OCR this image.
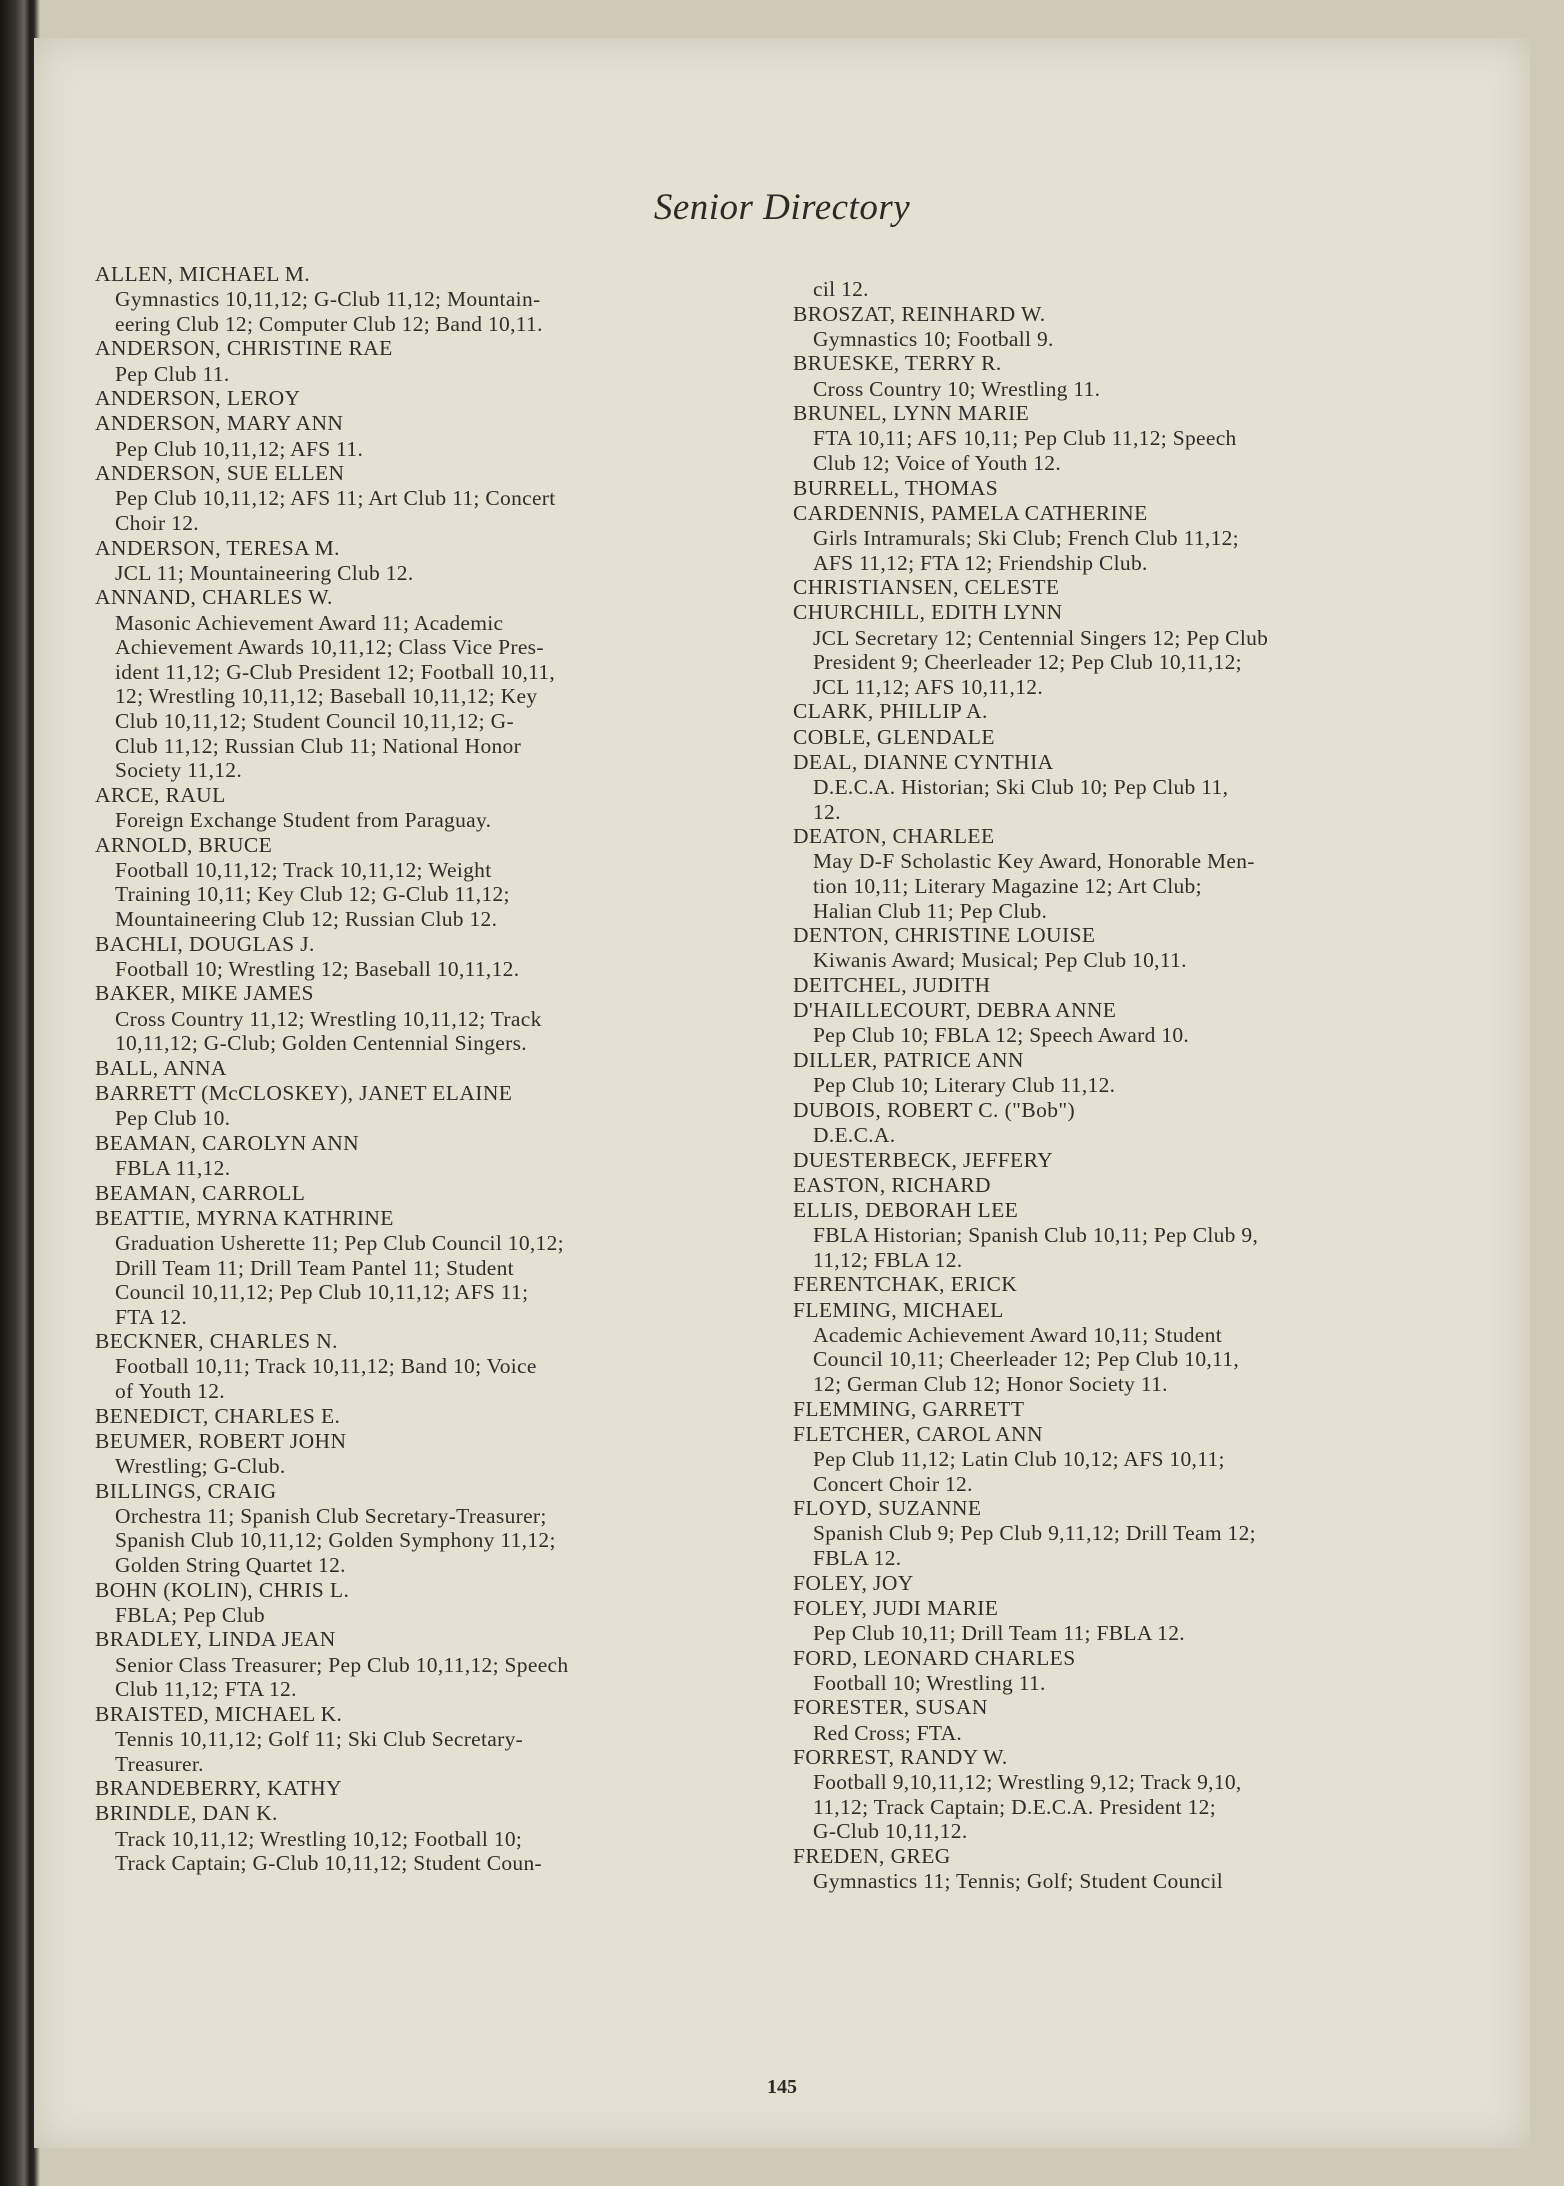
Senior Directory
ALLEN, MICHAEL M.
Gymnastics 10,11,12; G-Club 11,12; Mountain-
eering Club 12; Computer Club 12; Band 10,11.
ANDERSON, CHRISTINE RAE
Pep Club 11.
ANDERSON, LEROY
ANDERSON, MARY ANN
Pep Club 10,11,12; AFS 11.
ANDERSON, SUE ELLEN
Pep Club 10,11,12; AFS 11; Art Club 11; Concert
Choir 12.
ANDERSON, TERESA M.
JCL 11; Mountaineering Club 12.
ANNAND, CHARLES W.
Masonic Achievement Award 11; Academic
Achievement Awards 10,11,12; Class Vice Pres-
ident 11,12; G-Club President 12; Football 10,11,
12; Wrestling 10,11,12; Baseball 10,11,12; Key
Club 10,11,12; Student Council 10,11,12; G-
Club 11,12; Russian Club 11; National Honor
Society 11,12.
ARCE, RAUL
Foreign Exchange Student from Paraguay.
ARNOLD, BRUCE
Football 10,11,12; Track 10,11,12; Weight
Training 10,11; Key Club 12; G-Club 11,12;
Mountaineering Club 12; Russian Club 12.
BACHLI, DOUGLAS J.
Football 10; Wrestling 12; Baseball 10,11,12.
BAKER, MIKE JAMES
Cross Country 11,12; Wrestling 10,11,12; Track
10,11,12; G-Club; Golden Centennial Singers.
BALL, ANNA
BARRETT (McCLOSKEY), JANET ELAINE
Pep Club 10.
BEAMAN, CAROLYN ANN
FBLA 11,12.
BEAMAN, CARROLL
BEATTIE, MYRNA KATHRINE
Graduation Usherette 11; Pep Club Council 10,12;
Drill Team 11; Drill Team Pantel 11; Student
Council 10,11,12; Pep Club 10,11,12; AFS 11;
FTA 12.
BECKNER, CHARLES N.
Football 10,11; Track 10,11,12; Band 10; Voice
of Youth 12.
BENEDICT, CHARLES E.
BEUMER, ROBERT JOHN
Wrestling; G-Club.
BILLINGS, CRAIG
Orchestra 11; Spanish Club Secretary-Treasurer;
Spanish Club 10,11,12; Golden Symphony 11,12;
Golden String Quartet 12.
BOHN (KOLIN), CHRIS L.
FBLA; Pep Club
BRADLEY, LINDA JEAN
Senior Class Treasurer; Pep Club 10,11,12; Speech
Club 11,12; FTA 12.
BRAISTED, MICHAEL K.
Tennis 10,11,12; Golf 11; Ski Club Secretary-
Treasurer.
BRANDEBERRY, KATHY
BRINDLE, DAN K.
Track 10,11,12; Wrestling 10,12; Football 10;
Track Captain; G-Club 10,11,12; Student Coun-
cil 12.
BROSZAT, REINHARD W.
Gymnastics 10; Football 9.
BRUESKE, TERRY R.
Cross Country 10; Wrestling 11.
BRUNEL, LYNN MARIE
FTA 10,11; AFS 10,11; Pep Club 11,12; Speech
Club 12; Voice of Youth 12.
BURRELL, THOMAS
CARDENNIS, PAMELA CATHERINE
Girls Intramurals; Ski Club; French Club 11,12;
AFS 11,12; FTA 12; Friendship Club.
CHRISTIANSEN, CELESTE
CHURCHILL, EDITH LYNN
JCL Secretary 12; Centennial Singers 12; Pep Club
President 9; Cheerleader 12; Pep Club 10,11,12;
JCL 11,12; AFS 10,11,12.
CLARK, PHILLIP A.
COBLE, GLENDALE
DEAL, DIANNE CYNTHIA
D.E.C.A. Historian; Ski Club 10; Pep Club 11,
12.
DEATON, CHARLEE
May D-F Scholastic Key Award, Honorable Men-
tion 10,11; Literary Magazine 12; Art Club;
Halian Club 11; Pep Club.
DENTON, CHRISTINE LOUISE
Kiwanis Award; Musical; Pep Club 10,11.
DEITCHEL, JUDITH
D'HAILLECOURT, DEBRA ANNE
Pep Club 10; FBLA 12; Speech Award 10.
DILLER, PATRICE ANN
Pep Club 10; Literary Club 11,12.
DUBOIS, ROBERT C. ("Bob")
D.E.C.A.
DUESTERBECK, JEFFERY
EASTON, RICHARD
ELLIS, DEBORAH LEE
FBLA Historian; Spanish Club 10,11; Pep Club 9,
11,12; FBLA 12.
FERENTCHAK, ERICK
FLEMING, MICHAEL
Academic Achievement Award 10,11; Student
Council 10,11; Cheerleader 12; Pep Club 10,11,
12; German Club 12; Honor Society 11.
FLEMMING, GARRETT
FLETCHER, CAROL ANN
Pep Club 11,12; Latin Club 10,12; AFS 10,11;
Concert Choir 12.
FLOYD, SUZANNE
Spanish Club 9; Pep Club 9,11,12; Drill Team 12;
FBLA 12.
FOLEY, JOY
FOLEY, JUDI MARIE
Pep Club 10,11; Drill Team 11; FBLA 12.
FORD, LEONARD CHARLES
Football 10; Wrestling 11.
FORESTER, SUSAN
Red Cross; FTA.
FORREST, RANDY W.
Football 9,10,11,12; Wrestling 9,12; Track 9,10,
11,12; Track Captain; D.E.C.A. President 12;
G-Club 10,11,12.
FREDEN, GREG
Gymnastics 11; Tennis; Golf; Student Council
145
